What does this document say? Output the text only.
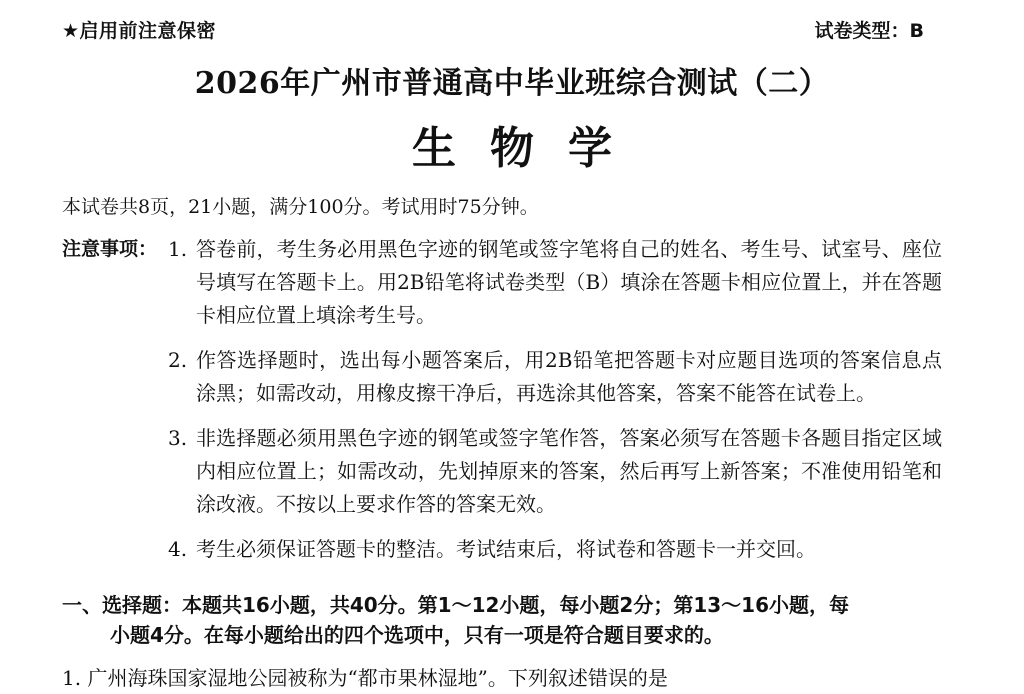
★启用前注意保密	试卷类型：B
2026年广州市普通高中毕业班综合测试（二）
生物学
本试卷共8页，21小题，满分100分。考试用时75分钟。
注意事项： 1. 答卷前，考生务必用黑色字迹的钢笔或签字笔将自己的姓名、考生号、试室号、座位号填写在答题卡上。用2B铅笔将试卷类型（B）填涂在答题卡相应位置上，并在答题卡相应位置上填涂考生号。
2. 作答选择题时，选出每小题答案后，用2B铅笔把答题卡对应题目选项的答案信息点涂黑；如需改动，用橡皮擦干净后，再选涂其他答案，答案不能答在试卷上。
3. 非选择题必须用黑色字迹的钢笔或签字笔作答，答案必须写在答题卡各题目指定区域内相应位置上；如需改动，先划掉原来的答案，然后再写上新答案；不准使用铅笔和涂改液。不按以上要求作答的答案无效。
4. 考生必须保证答题卡的整洁。考试结束后，将试卷和答题卡一并交回。
一、选择题：本题共16小题，共40分。第1～12小题，每小题2分；第13～16小题，每
小题4分。在每小题给出的四个选项中，只有一项是符合题目要求的。
1. 广州海珠国家湿地公园被称为“都市果林湿地”。下列叙述错误的是
